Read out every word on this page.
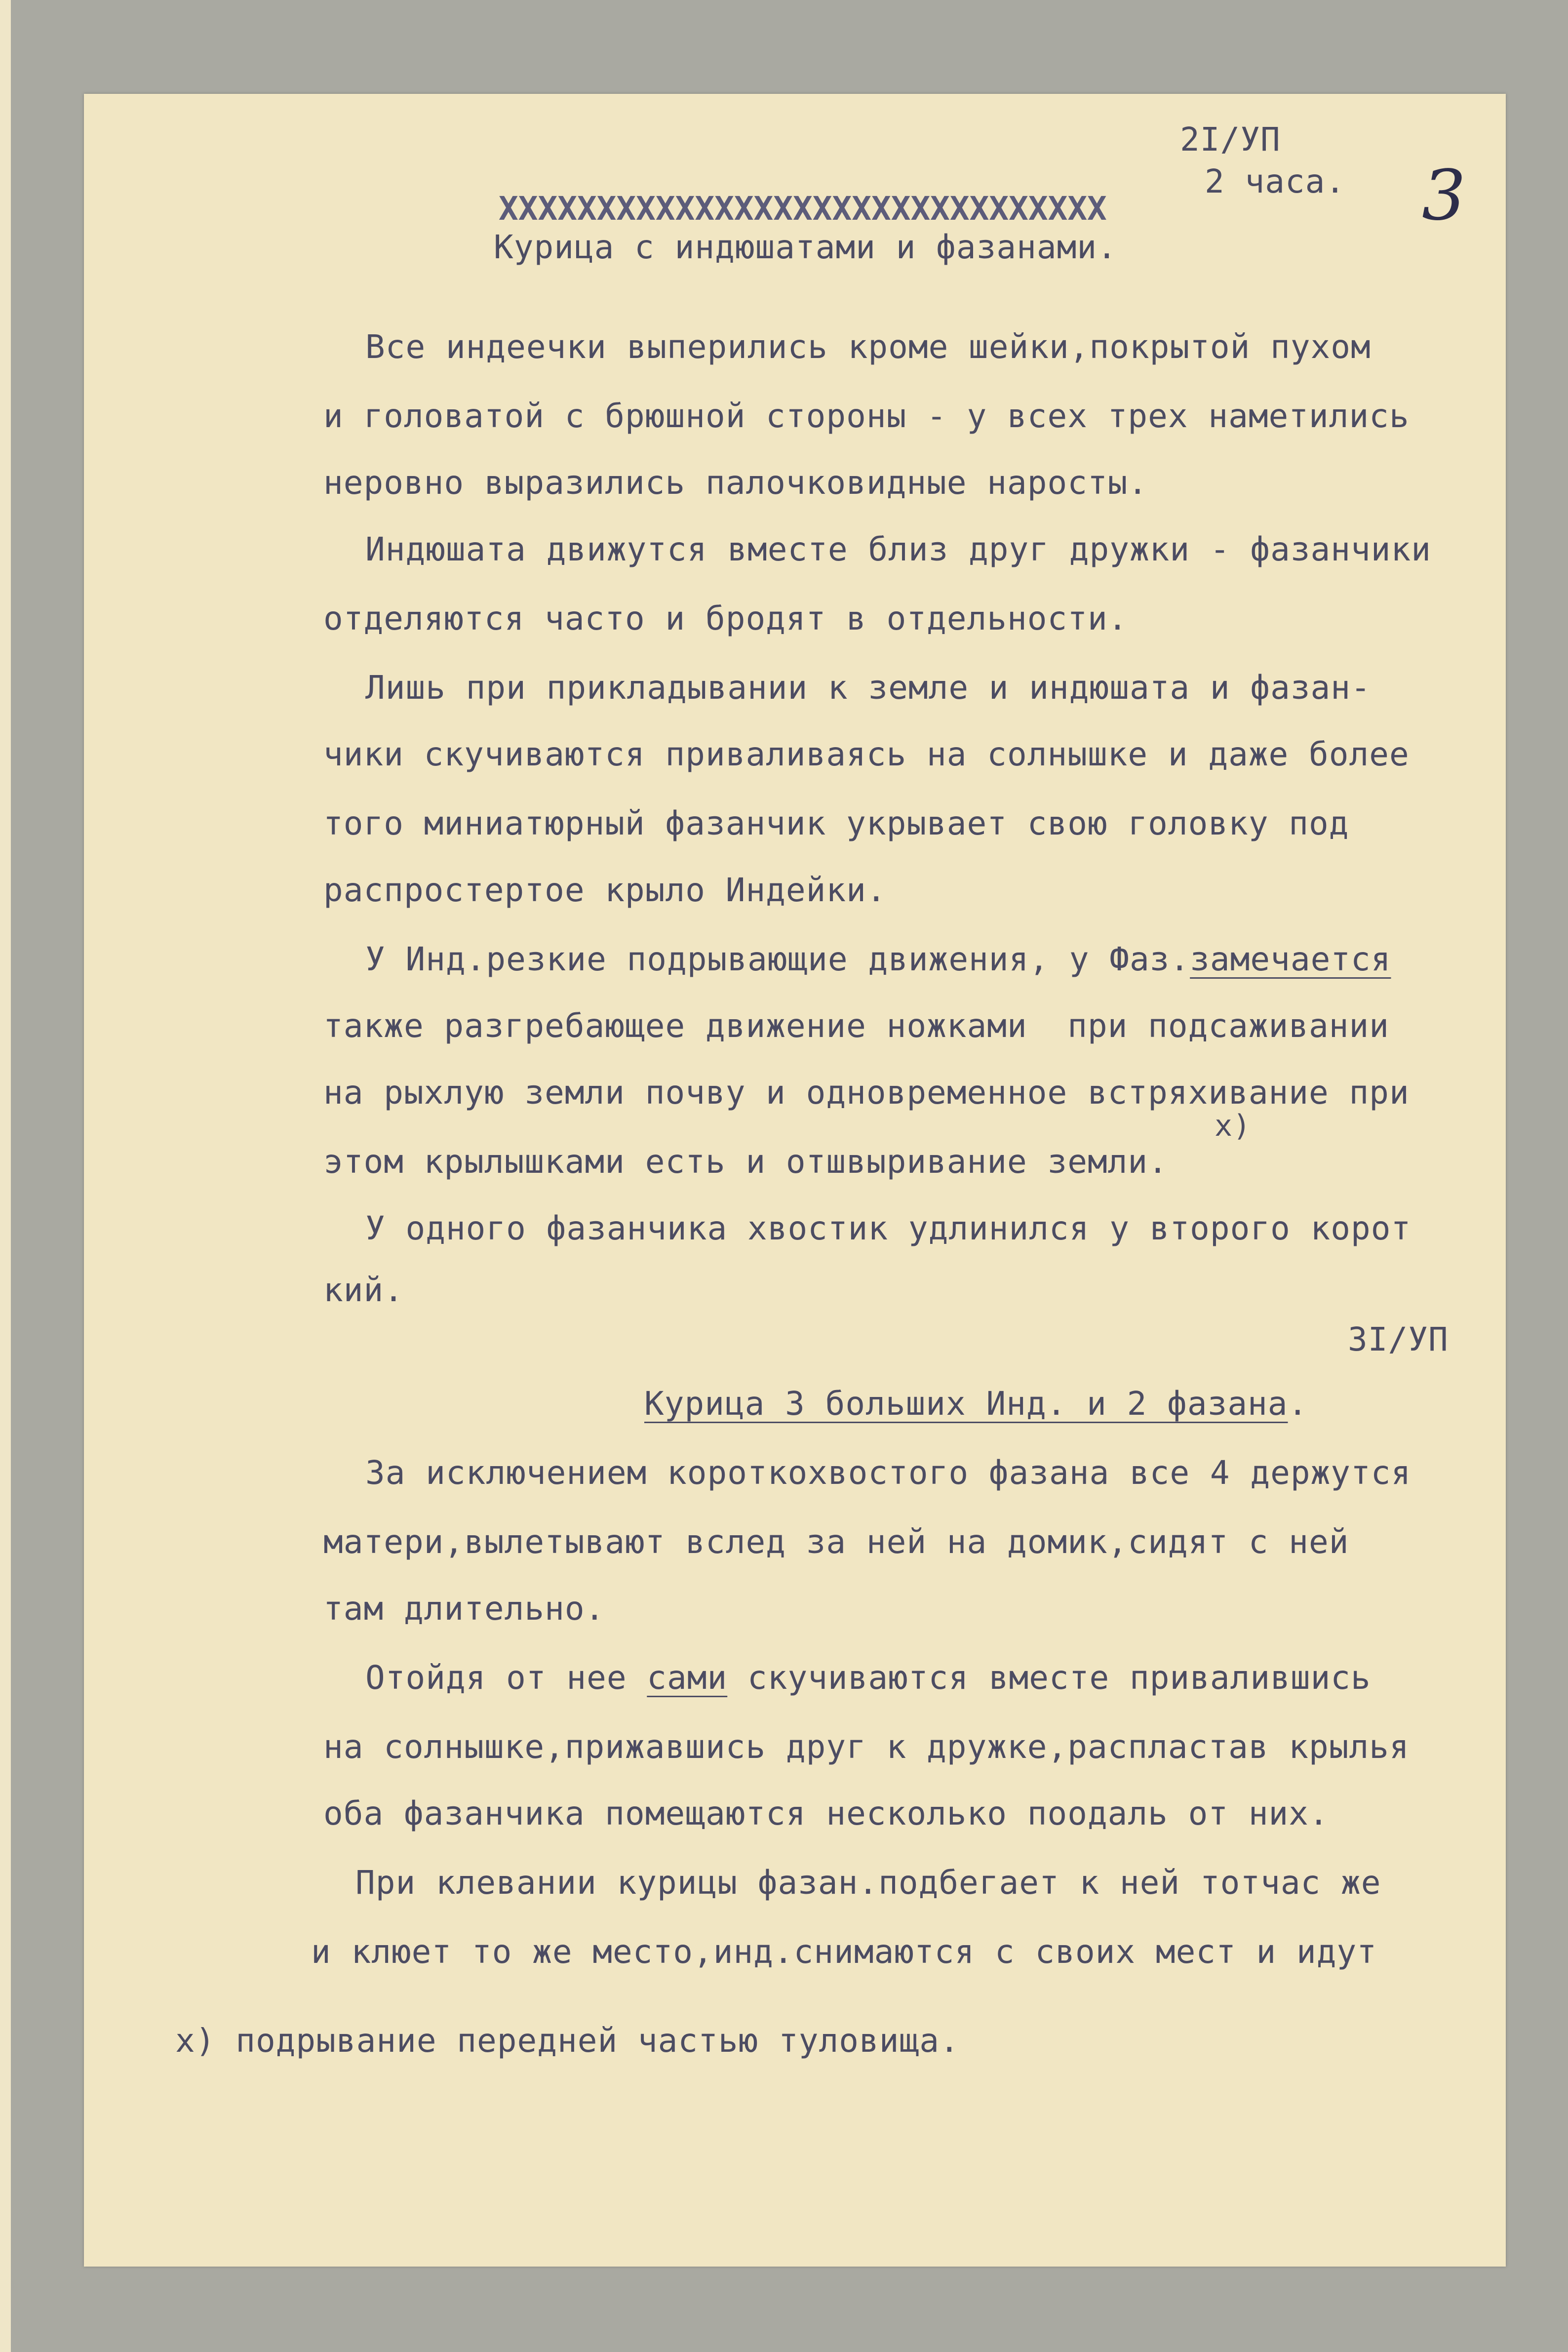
2I/УП
2 часа. 3
ХХХХХХХХХХХХХХХХХХХХХХХХХХХХХХХ
Курица с индюшатами и фазанами.
Все индеечки выперились кроме шейки,покрытой пухом
и головатой с брюшной стороны - у всех трех наметились
неровно выразились палочковидные наросты.
Индюшата движутся вместе близ друг дружки - фазанчики
отделяются часто и бродят в отдельности.
Лишь при прикладывании к земле и индюшата и фазан-
чики скучиваются приваливаясь на солнышке и даже более
того миниатюрный фазанчик укрывает свою головку под
распростертое крыло Индейки.
У Инд.резкие подрывающие движения, у Фаз.замечается
также разгребающее движение ножками  при подсаживании
на рыхлую земли почву и одновременное встряхивание при
х)
этом крылышками есть и отшвыривание земли.
У одного фазанчика хвостик удлинился у второго корот
кий.
3I/УП
Курица 3 больших Инд. и 2 фазана.
За исключением короткохвостого фазана все 4 держутся
матери,вылетывают вслед за ней на домик,сидят с ней
там длительно.
Отойдя от нее сами скучиваются вместе привалившись
на солнышке,прижавшись друг к дружке,распластав крылья
оба фазанчика помещаются несколько поодаль от них.
При клевании курицы фазан.подбегает к ней тотчас же
и клюет то же место,инд.снимаются с своих мест и идут
х) подрывание передней частью туловища.
